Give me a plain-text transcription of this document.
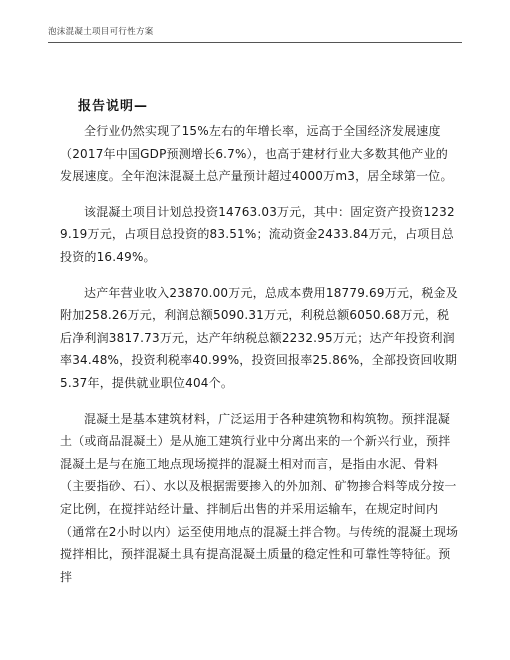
泡沫混凝土项目可行性方案
报告说明—

全行业仍然实现了15%左右的年增长率，远高于全国经济发展速度（2017年中国GDP预测增长6.7%），也高于建材行业大多数其他产业的发展速度。全年泡沫混凝土总产量预计超过4000万m3，居全球第一位。

该混凝土项目计划总投资14763.03万元，其中：固定资产投资12329.19万元，占项目总投资的83.51%；流动资金2433.84万元，占项目总投资的16.49%。

达产年营业收入23870.00万元，总成本费用18779.69万元，税金及附加258.26万元，利润总额5090.31万元，利税总额6050.68万元，税后净利润3817.73万元，达产年纳税总额2232.95万元；达产年投资利润率34.48%，投资利税率40.99%，投资回报率25.86%，全部投资回收期5.37年，提供就业职位404个。

混凝土是基本建筑材料，广泛运用于各种建筑物和构筑物。预拌混凝土（或商品混凝土）是从施工建筑行业中分离出来的一个新兴行业，预拌混凝土是与在施工地点现场搅拌的混凝土相对而言，是指由水泥、骨料（主要指砂、石）、水以及根据需要掺入的外加剂、矿物掺合料等成分按一定比例，在搅拌站经计量、拌制后出售的并采用运输车，在规定时间内（通常在2小时以内）运至使用地点的混凝土拌合物。与传统的混凝土现场搅拌相比，预拌混凝土具有提高混凝土质量的稳定性和可靠性等特征。预拌
